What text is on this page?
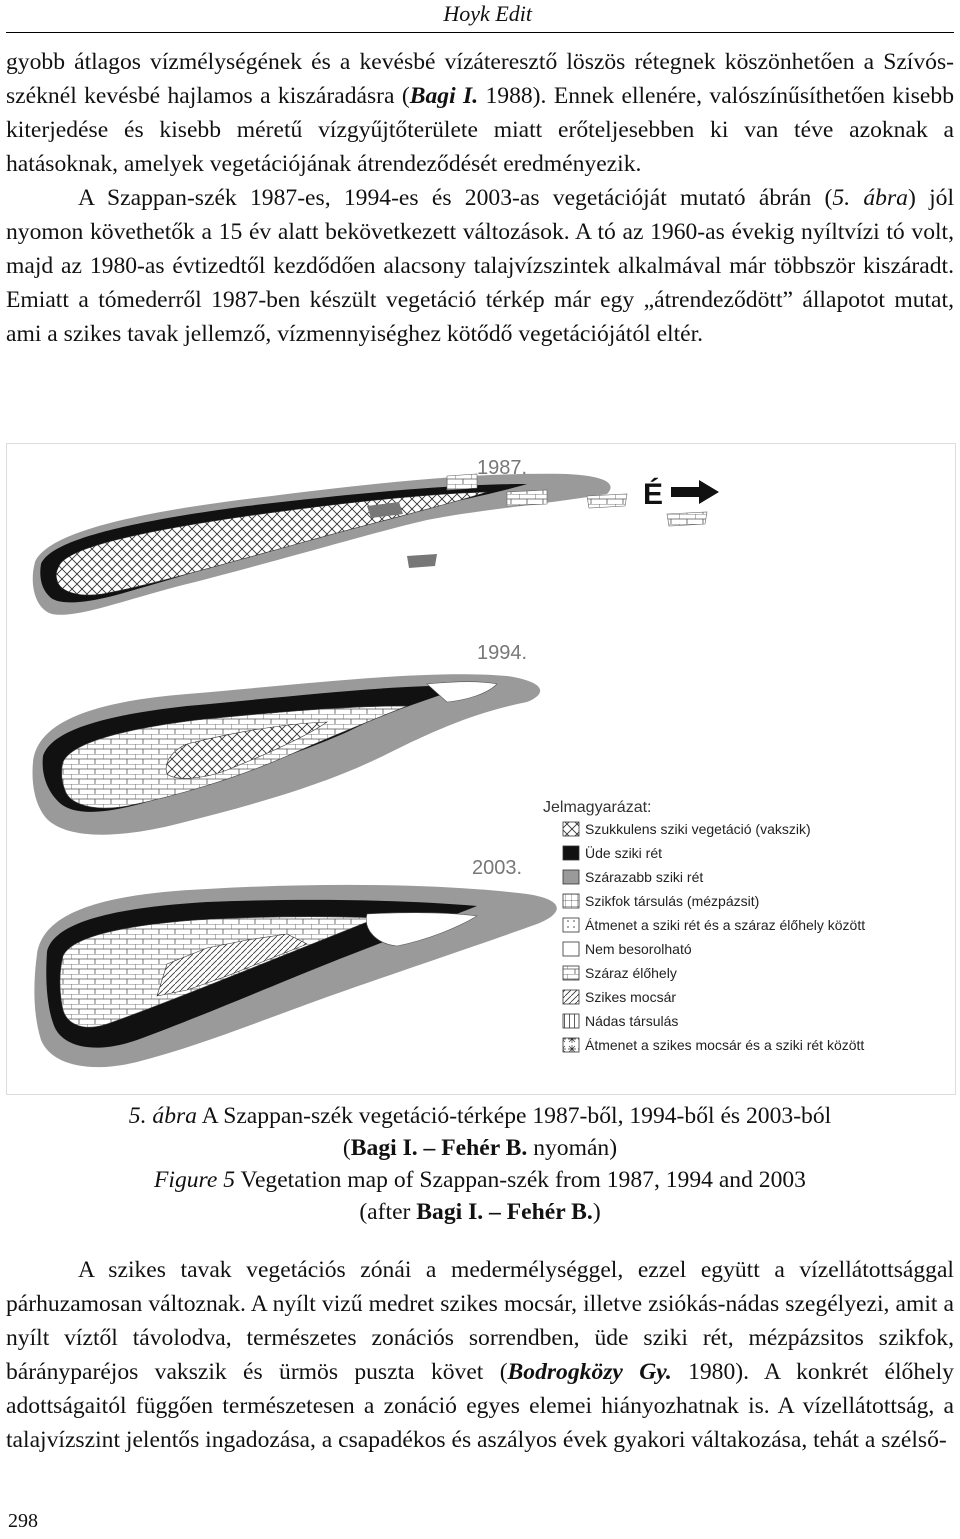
Hoyk Edit

gyobb átlagos vízmélységének és a kevésbé vízáteresztő löszös rétegnek köszönhetően a Szívós-széknél kevésbé hajlamos a kiszáradásra (Bagi I. 1988). Ennek ellenére, valószínűsíthetően kisebb kiterjedése és kisebb méretű vízgyűjtőterülete miatt erőteljesebben ki van téve azoknak a hatásoknak, amelyek vegetációjának átrendeződését eredményezik.

A Szappan-szék 1987-es, 1994-es és 2003-as vegetációját mutató ábrán (5. ábra) jól nyomon követhetők a 15 év alatt bekövetkezett változások. A tó az 1960-as évekig nyíltvízi tó volt, majd az 1980-as évtizedtől kezdődően alacsony talajvízszintek alkalmával már többször kiszáradt. Emiatt a tómederről 1987-ben készült vegetáció térkép már egy „átrendeződött” állapotot mutat, ami a szikes tavak jellemző, vízmennyiséghez kötődő vegetációjától eltér.

1987.
É
1994.
2003.
Jelmagyarázat:
Szukkulens sziki vegetáció (vakszik)
Üde sziki rét
Szárazabb sziki rét
Szikfok társulás (mézpázsit)
Átmenet a sziki rét és a száraz élőhely között
Nem besorolható
Száraz élőhely
Szikes mocsár
Nádas társulás
Átmenet a szikes mocsár és a sziki rét között
5. ábra A Szappan-szék vegetáció-térképe 1987-ből, 1994-ből és 2003-ból
(Bagi I. – Fehér B. nyomán)
Figure 5 Vegetation map of Szappan-szék from 1987, 1994 and 2003
(after Bagi I. – Fehér B.)

A szikes tavak vegetációs zónái a medermélységgel, ezzel együtt a vízellátottsággal párhuzamosan változnak. A nyílt vizű medret szikes mocsár, illetve zsiókás-nádas szegélyezi, amit a nyílt víztől távolodva, természetes zonációs sorrendben, üde sziki rét, mézpázsitos szikfok, bárányparéjos vakszik és ürmös puszta követ (Bodrogközy Gy. 1980). A konkrét élőhely adottságaitól függően természetesen a zonáció egyes elemei hiányozhatnak is. A vízellátottság, a talajvízszint jelentős ingadozása, a csapadékos és aszályos évek gyakori váltakozása, tehát a szélső-

298
